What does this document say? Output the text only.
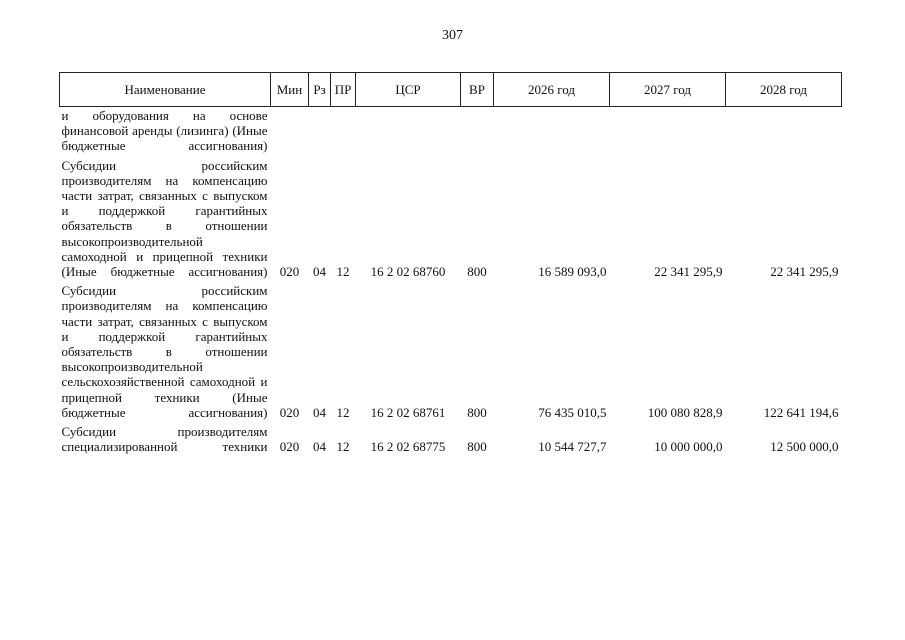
307
Наименование	Мин	Рз	ПР	ЦСР	ВР	2026 год	2027 год	2028 год
и оборудования на основе финансовой аренды (лизинга) (Иные бюджетные ассигнования)								
Субсидии российским производителям на компенсацию части затрат, связанных с выпуском и поддержкой гарантийных обязательств в отношении высокопроизводительной самоходной и прицепной техники (Иные бюджетные ассигнования)	020	04	12	16 2 02 68760	800	16 589 093,0	22 341 295,9	22 341 295,9
Субсидии российским производителям на компенсацию части затрат, связанных с выпуском и поддержкой гарантийных обязательств в отношении высокопроизводительной сельскохозяйственной самоходной и прицепной техники (Иные бюджетные ассигнования)	020	04	12	16 2 02 68761	800	76 435 010,5	100 080 828,9	122 641 194,6
Субсидии производителям специализированной техники	020	04	12	16 2 02 68775	800	10 544 727,7	10 000 000,0	12 500 000,0
